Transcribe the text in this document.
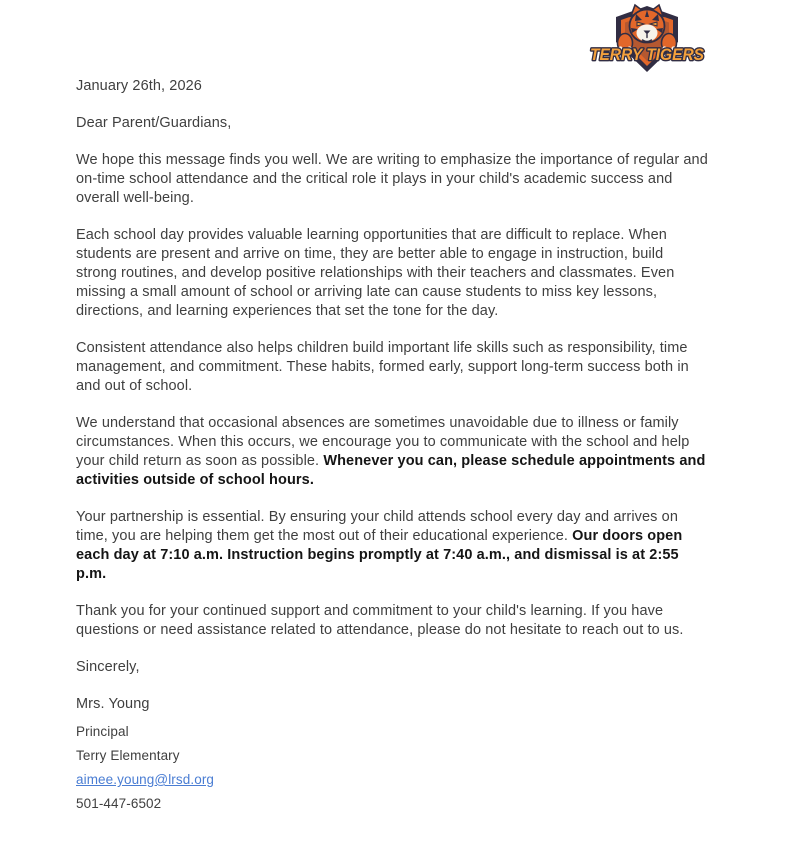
TERRY TIGERS

January 26th, 2026

Dear Parent/Guardians,

We hope this message finds you well. We are writing to emphasize the importance of regular and on-time school attendance and the critical role it plays in your child's academic success and overall well-being.

Each school day provides valuable learning opportunities that are difficult to replace. When students are present and arrive on time, they are better able to engage in instruction, build strong routines, and develop positive relationships with their teachers and classmates. Even missing a small amount of school or arriving late can cause students to miss key lessons, directions, and learning experiences that set the tone for the day.

Consistent attendance also helps children build important life skills such as responsibility, time management, and commitment. These habits, formed early, support long-term success both in and out of school.

We understand that occasional absences are sometimes unavoidable due to illness or family circumstances. When this occurs, we encourage you to communicate with the school and help your child return as soon as possible. Whenever you can, please schedule appointments and activities outside of school hours.

Your partnership is essential. By ensuring your child attends school every day and arrives on time, you are helping them get the most out of their educational experience. Our doors open each day at 7:10 a.m. Instruction begins promptly at 7:40 a.m., and dismissal is at 2:55 p.m.

Thank you for your continued support and commitment to your child's learning. If you have questions or need assistance related to attendance, please do not hesitate to reach out to us.

Sincerely,

Mrs. Young

Principal

Terry Elementary

aimee.young@lrsd.org

501-447-6502
